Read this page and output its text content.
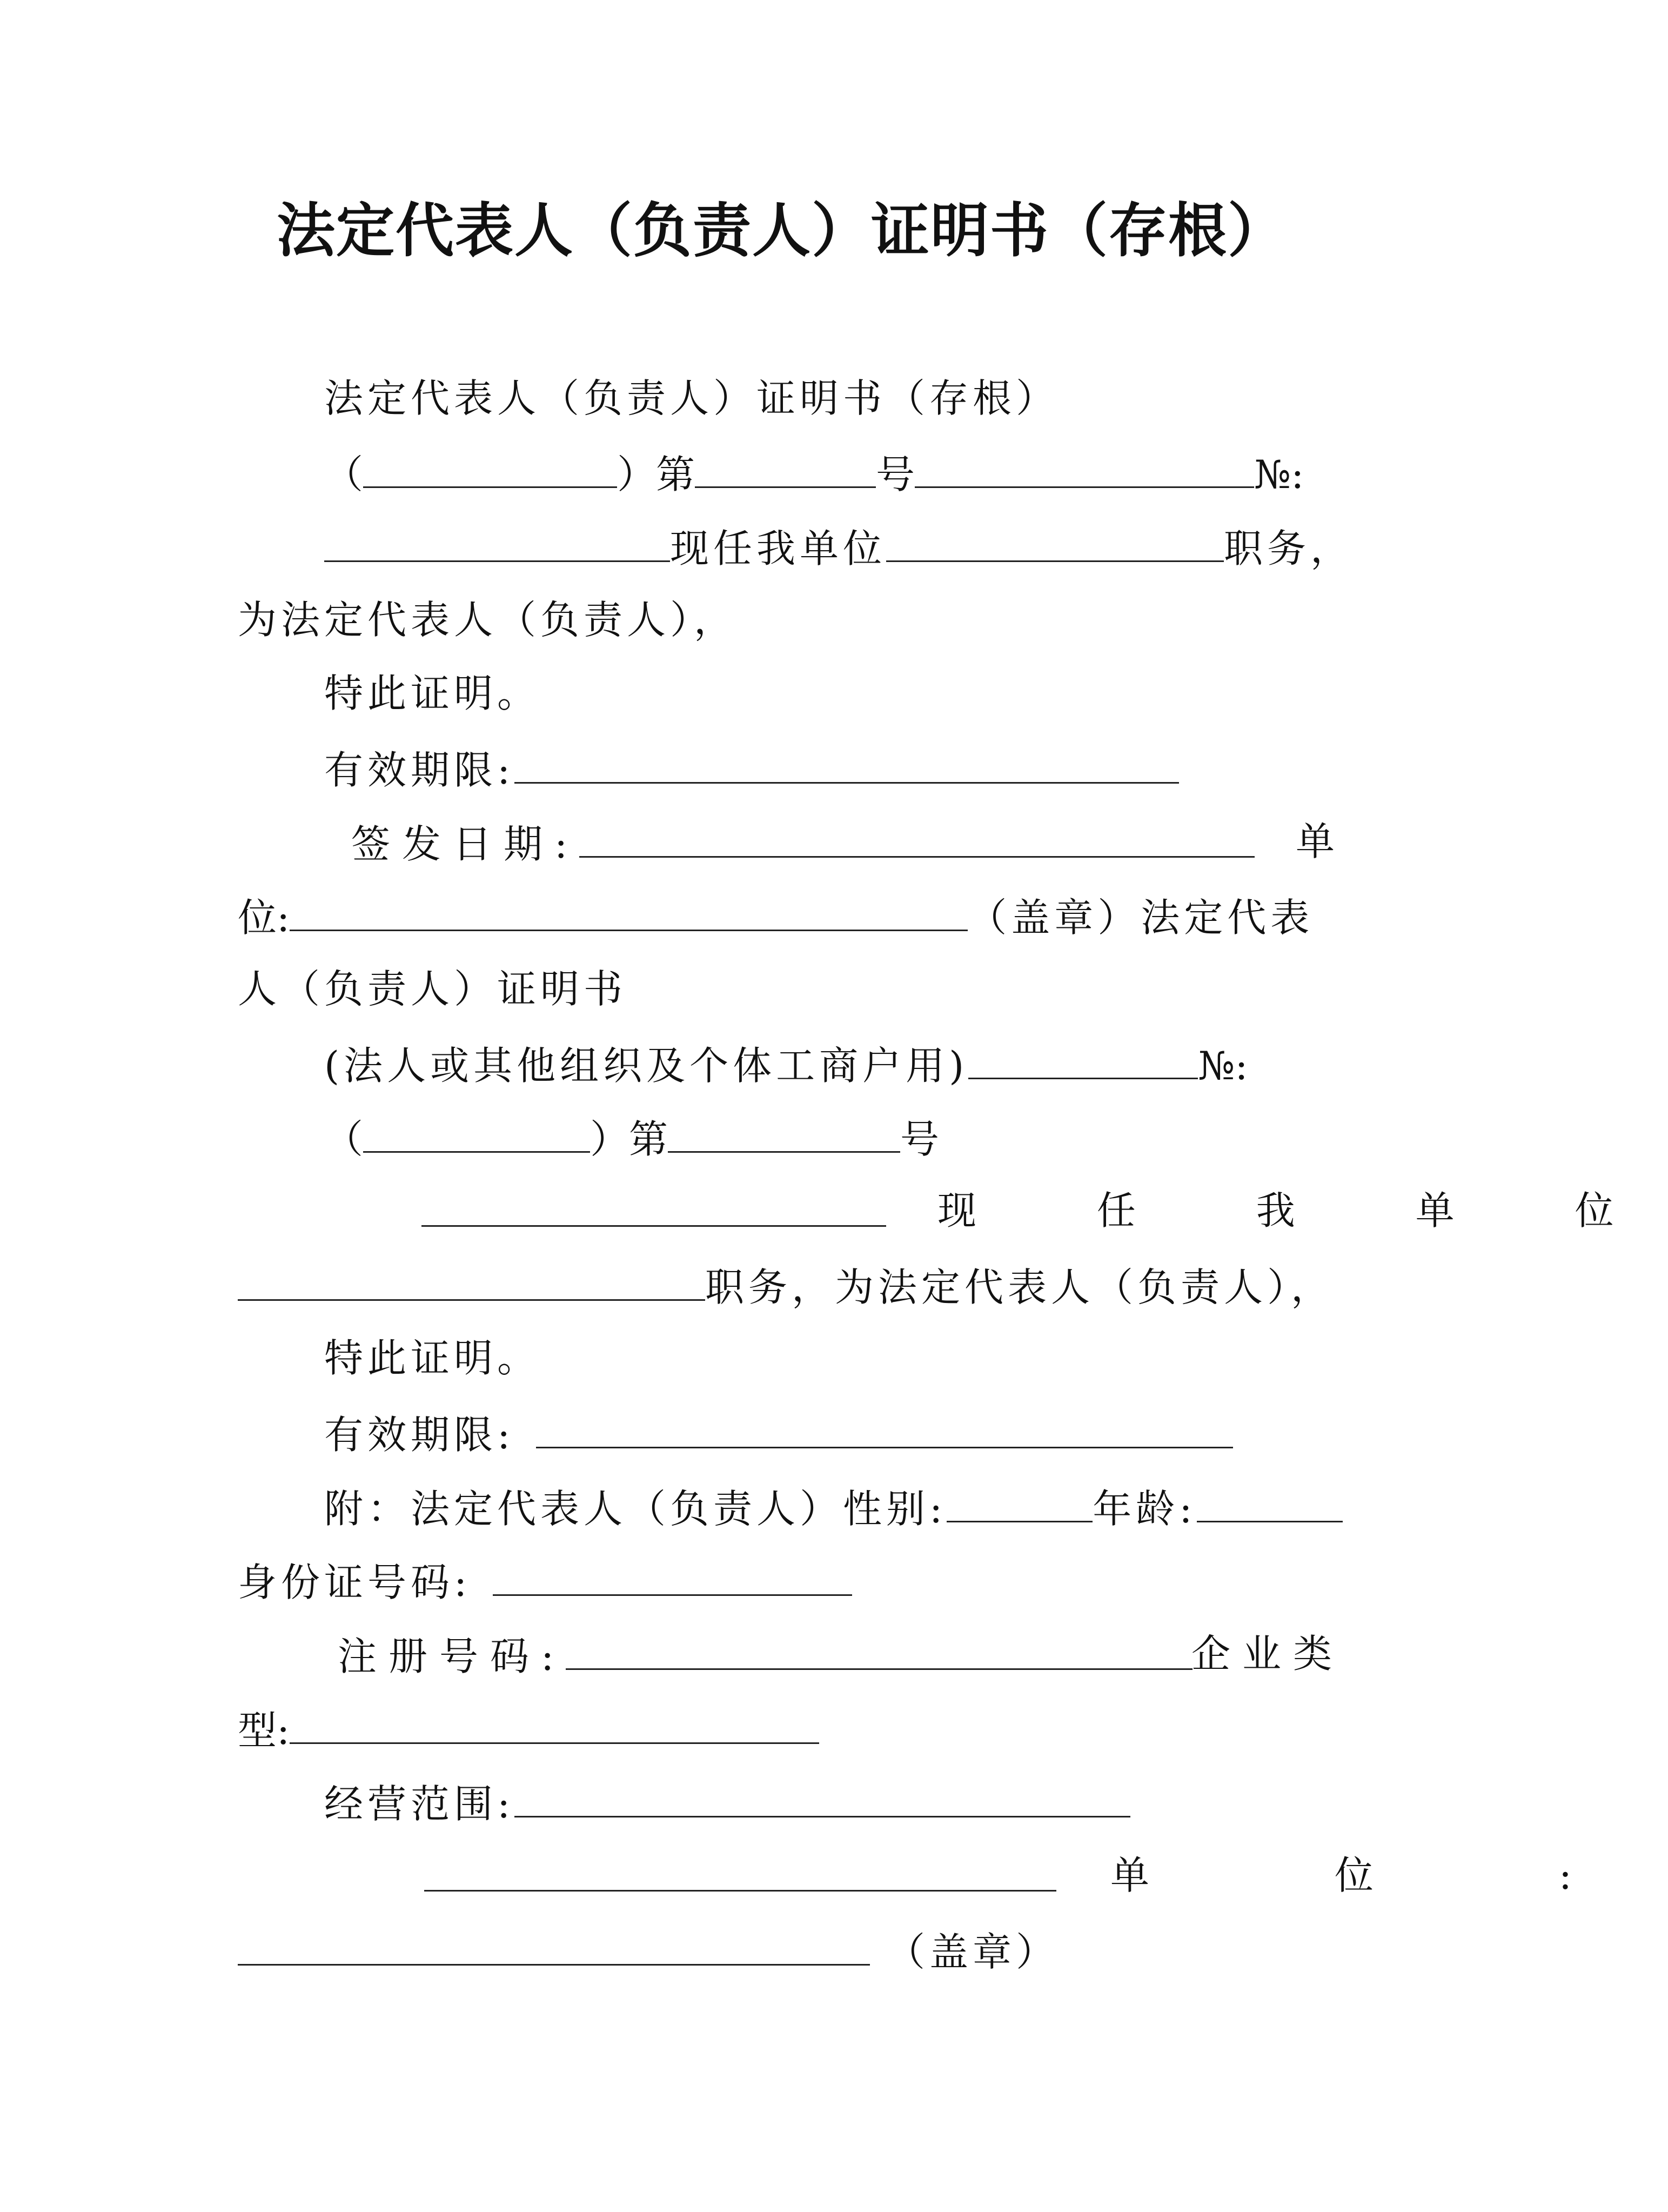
法定代表人（负责人）证明书（存根）
法定代表人（负责人）证明书（存根）
（	）第	号	№:
现任我单位	职务，
为法定代表人（负责人），
特此证明。
有效期限:
签发日期:	单
位:	（盖章）法定代表
人（负责人）证明书
(法人或其他组织及个体工商户用)	№:
（	）第	号
现 任 我 单 位
职务，为法定代表人（负责人），
特此证明。
有效期限:
附：法定代表人（负责人）性别:	年龄:
身份证号码:
注册号码:	企业类
型:
经营范围:
单 位 :
（盖章）
